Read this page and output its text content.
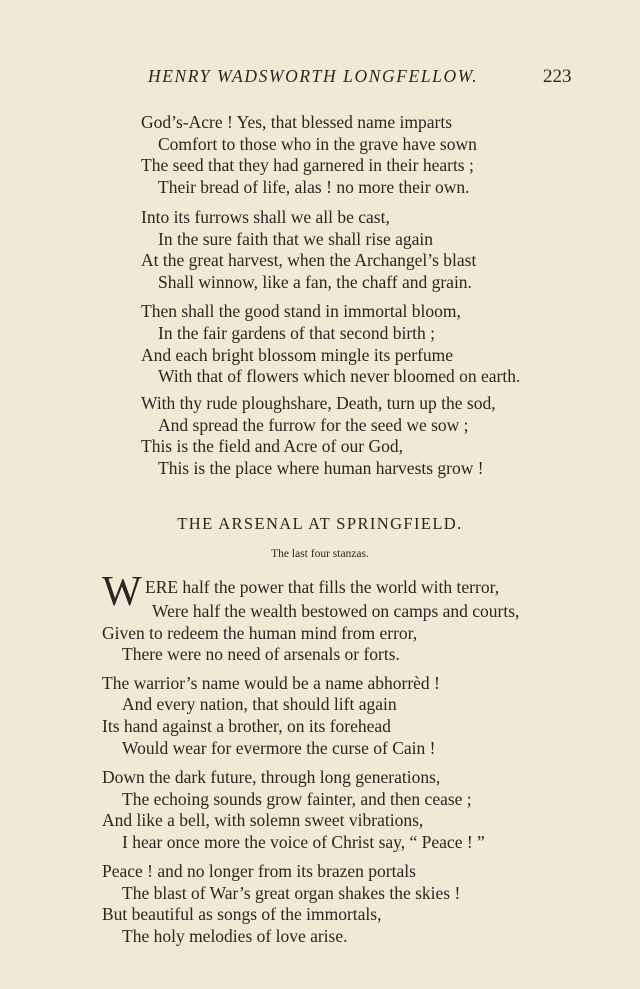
HENRY WADSWORTH LONGFELLOW.	223
God’s-Acre ! Yes, that blessed name imparts
Comfort to those who in the grave have sown
The seed that they had garnered in their hearts ;
Their bread of life, alas ! no more their own.
Into its furrows shall we all be cast,
In the sure faith that we shall rise again
At the great harvest, when the Archangel’s blast
Shall winnow, like a fan, the chaff and grain.
Then shall the good stand in immortal bloom,
In the fair gardens of that second birth ;
And each bright blossom mingle its perfume
With that of flowers which never bloomed on earth.
With thy rude ploughshare, Death, turn up the sod,
And spread the furrow for the seed we sow ;
This is the field and Acre of our God,
This is the place where human harvests grow !
THE ARSENAL AT SPRINGFIELD.
The last four stanzas.
W ERE half the power that fills the world with terror,
Were half the wealth bestowed on camps and courts,
Given to redeem the human mind from error,
There were no need of arsenals or forts.
The warrior’s name would be a name abhorrèd !
And every nation, that should lift again
Its hand against a brother, on its forehead
Would wear for evermore the curse of Cain !
Down the dark future, through long generations,
The echoing sounds grow fainter, and then cease ;
And like a bell, with solemn sweet vibrations,
I hear once more the voice of Christ say, “ Peace ! ”
Peace ! and no longer from its brazen portals
The blast of War’s great organ shakes the skies !
But beautiful as songs of the immortals,
The holy melodies of love arise.
